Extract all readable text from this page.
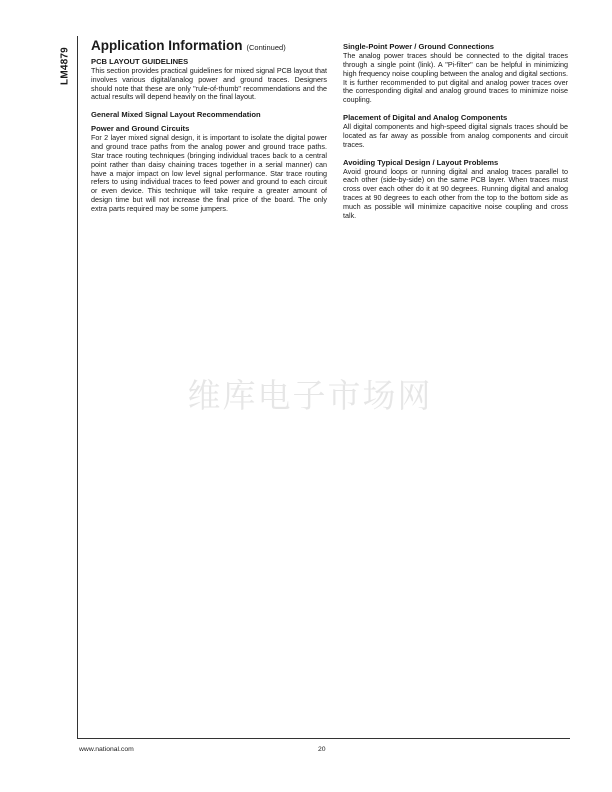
LM4879
Application Information (Continued)
PCB LAYOUT GUIDELINES

This section provides practical guidelines for mixed signal PCB layout that involves various digital/analog power and ground traces. Designers should note that these are only "rule-of-thumb" recommendations and the actual results will depend heavily on the final layout.

General Mixed Signal Layout Recommendation
Power and Ground Circuits

For 2 layer mixed signal design, it is important to isolate the digital power and ground trace paths from the analog power and ground trace paths. Star trace routing techniques (bringing individual traces back to a central point rather than daisy chaining traces together in a serial manner) can have a major impact on low level signal performance. Star trace routing refers to using individual traces to feed power and ground to each circuit or even device. This technique will take require a greater amount of design time but will not increase the final price of the board. The only extra parts required may be some jumpers.

Single-Point Power / Ground Connections

The analog power traces should be connected to the digital traces through a single point (link). A "Pi-filter" can be helpful in minimizing high frequency noise coupling between the analog and digital sections. It is further recommended to put digital and analog power traces over the corresponding digital and analog ground traces to minimize noise coupling.

Placement of Digital and Analog Components

All digital components and high-speed digital signals traces should be located as far away as possible from analog components and circuit traces.

Avoiding Typical Design / Layout Problems

Avoid ground loops or running digital and analog traces parallel to each other (side-by-side) on the same PCB layer. When traces must cross over each other do it at 90 degrees. Running digital and analog traces at 90 degrees to each other from the top to the bottom side as much as possible will minimize capacitive noise coupling and cross talk.

维库电子市场网
www.national.com	20
